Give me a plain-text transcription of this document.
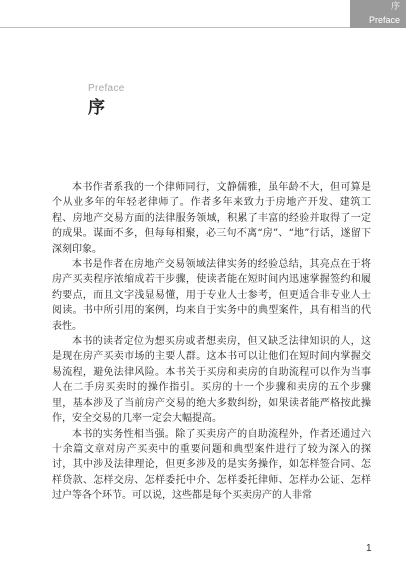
序
Preface
Preface
序

本书作者系我的一个律师同行，文静儒雅，虽年龄不大，但可算是个从业多年的年轻老律师了。作者多年来致力于房地产开发、建筑工程、房地产交易方面的法律服务领域，积累了丰富的经验并取得了一定的成果。谋面不多，但每每相聚，必三句不离“房”、“地”行话，遂留下深刻印象。

本书是作者在房地产交易领域法律实务的经验总结，其亮点在于将房产买卖程序浓缩成若干步骤，使读者能在短时间内迅速掌握签约和履约要点，而且文字浅显易懂，用于专业人士参考，但更适合非专业人士阅读。书中所引用的案例，均来自于实务中的典型案件，具有相当的代表性。

本书的读者定位为想买房或者想卖房，但又缺乏法律知识的人，这是现在房产买卖市场的主要人群。这本书可以让他们在短时间内掌握交易流程，避免法律风险。本书关于买房和卖房的自助流程可以作为当事人在二手房买卖时的操作指引。买房的十一个步骤和卖房的五个步骤里，基本涉及了当前房产交易的绝大多数纠纷，如果读者能严格按此操作，安全交易的几率一定会大幅提高。

本书的实务性相当强。除了买卖房产的自助流程外，作者还通过六十余篇文章对房产买卖中的重要问题和典型案件进行了较为深入的探讨，其中涉及法律理论，但更多涉及的是实务操作，如怎样签合同、怎样贷款、怎样交房、怎样委托中介、怎样委托律师、怎样办公证、怎样过户等各个环节。可以说，这些都是每个买卖房产的人非常

1
